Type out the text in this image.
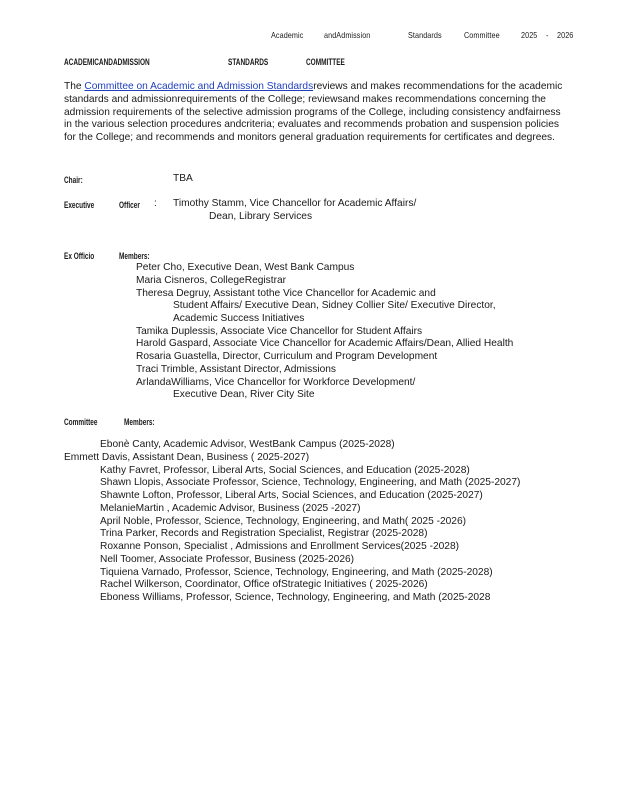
Academic andAdmission	Standards	Committee	2025 - 2026
ACADEMICANDADMISSION	STANDARDS	COMMITTEE
The Committee on Academic and Admission Standardsreviews and makes recommendations for the academic standards and admissionrequirements of the College; reviewsand makes recommendations concerning the admission requirements of the selective admission programs of the College, including consistency andfairness in the various selection procedures andcriteria; evaluates and recommends probation and suspension policies for the College; and recommends and monitors general graduation requirements for certificates and degrees.
Chair:	TBA
Executive	Officer : Timothy Stamm, Vice Chancellor for Academic Affairs/
Dean, Library Services
Ex Officio	Members:
Peter Cho, Executive Dean, West Bank Campus
Maria Cisneros, CollegeRegistrar
Theresa Degruy, Assistant tothe Vice Chancellor for Academic and
Student Affairs/ Executive Dean, Sidney Collier Site/ Executive Director,
Academic Success Initiatives
Tamika Duplessis, Associate Vice Chancellor for Student Affairs
Harold Gaspard, Associate Vice Chancellor for Academic Affairs/Dean, Allied Health
Rosaria Guastella, Director, Curriculum and Program Development
Traci Trimble, Assistant Director, Admissions
ArlandaWilliams, Vice Chancellor for Workforce Development/
Executive Dean, River City Site
Committee	Members:
Ebonè Canty, Academic Advisor, WestBank Campus (2025-2028)
Emmett Davis, Assistant Dean, Business ( 2025-2027)
Kathy Favret, Professor, Liberal Arts, Social Sciences, and Education (2025-2028)
Shawn Llopis, Associate Professor, Science, Technology, Engineering, and Math (2025-2027)
Shawnte Lofton, Professor, Liberal Arts, Social Sciences, and Education (2025-2027)
MelanieMartin , Academic Advisor, Business (2025 -2027)
April Noble, Professor, Science, Technology, Engineering, and Math( 2025 -2026)
Trina Parker, Records and Registration Specialist, Registrar (2025-2028)
Roxanne Ponson, Specialist , Admissions and Enrollment Services(2025 -2028)
Nell Toomer, Associate Professor, Business (2025-2026)
Tiquiena Varnado, Professor, Science, Technology, Engineering, and Math (2025-2028)
Rachel Wilkerson, Coordinator, Office ofStrategic Initiatives ( 2025-2026)
Eboness Williams, Professor, Science, Technology, Engineering, and Math (2025-2028
